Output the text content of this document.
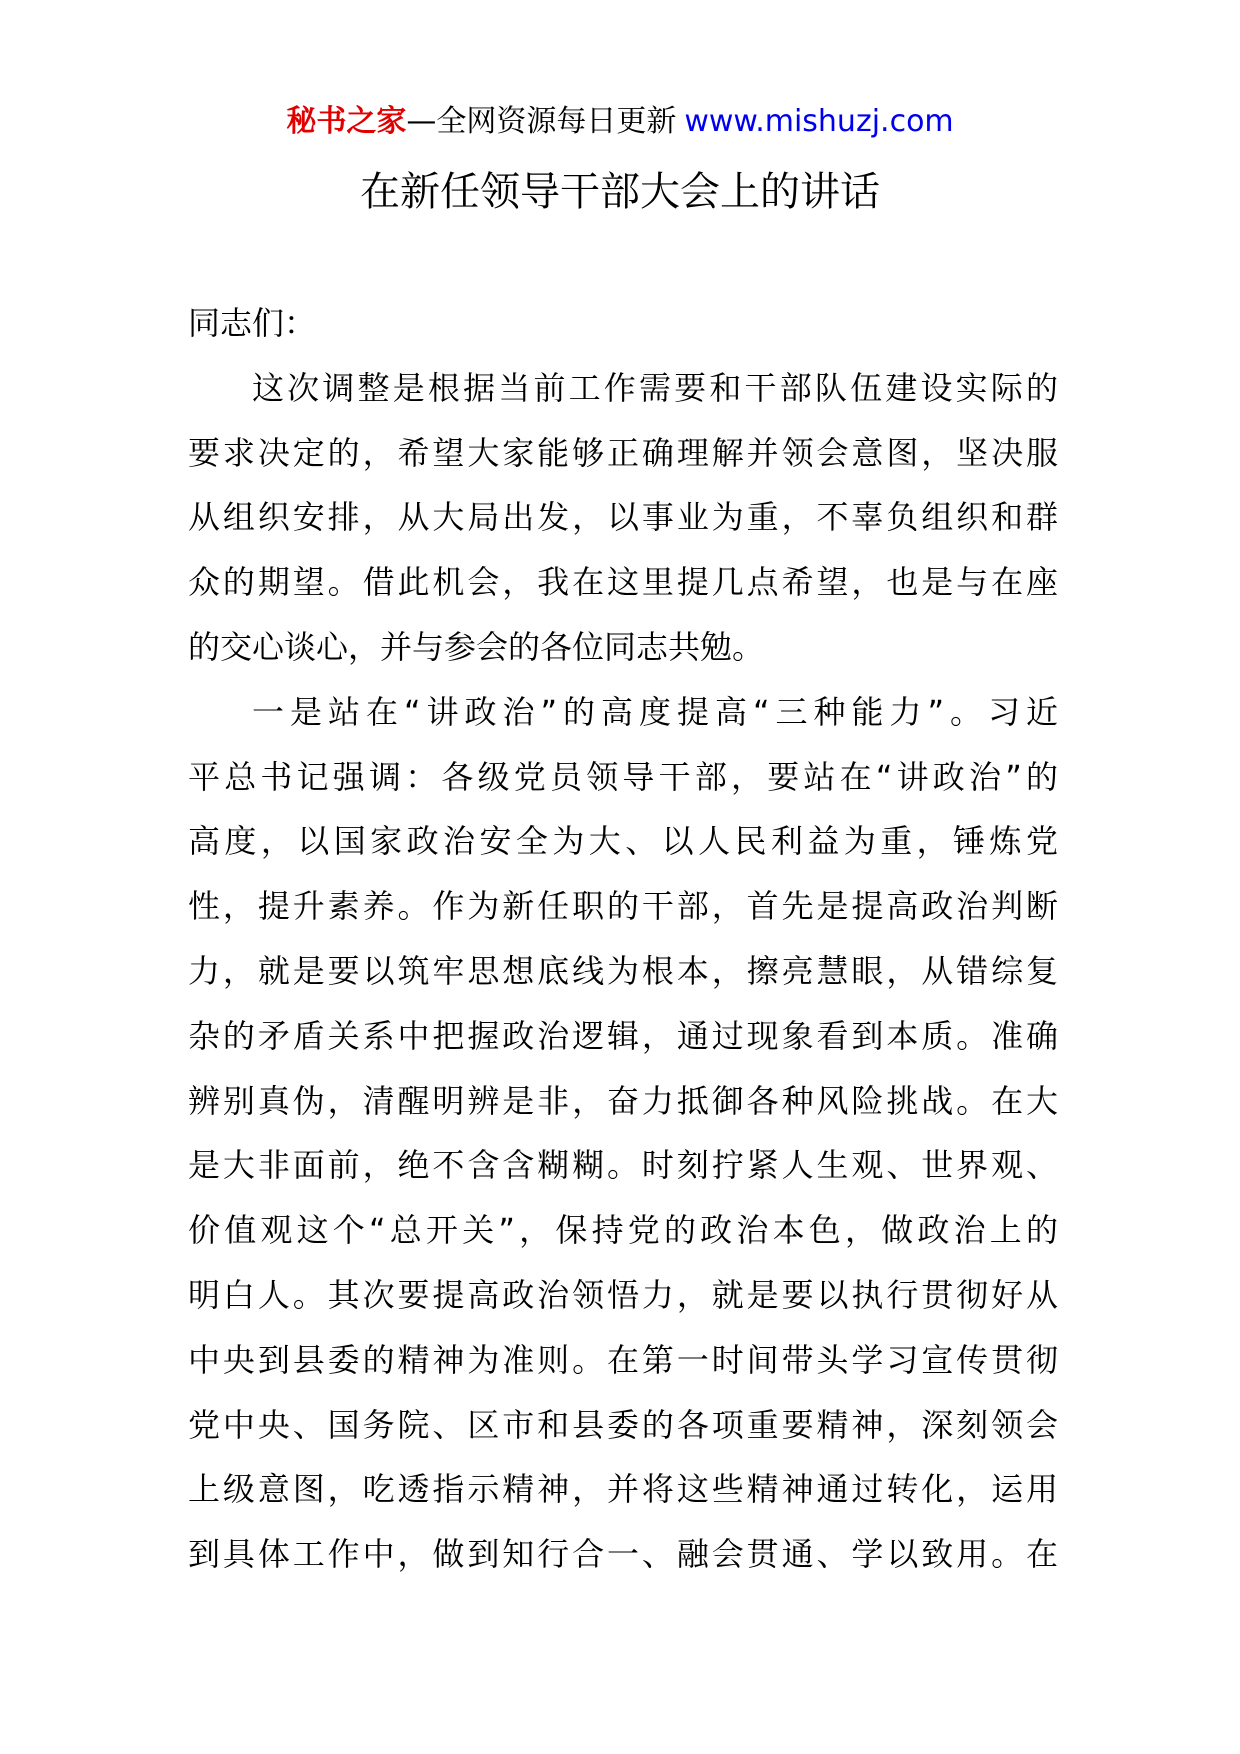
秘书之家—全网资源每日更新 www.mishuzj.com
在新任领导干部大会上的讲话
同志们：
这次调整是根据当前工作需要和干部队伍建设实际的
要求决定的，希望大家能够正确理解并领会意图，坚决服
从组织安排，从大局出发，以事业为重，不辜负组织和群
众的期望。借此机会，我在这里提几点希望，也是与在座
的交心谈心，并与参会的各位同志共勉。
一是站在“讲政治”的高度提高“三种能力”。习近
平总书记强调：各级党员领导干部，要站在“讲政治”的
高度，以国家政治安全为大、以人民利益为重，锤炼党
性，提升素养。作为新任职的干部，首先是提高政治判断
力，就是要以筑牢思想底线为根本，擦亮慧眼，从错综复
杂的矛盾关系中把握政治逻辑，通过现象看到本质。准确
辨别真伪，清醒明辨是非，奋力抵御各种风险挑战。在大
是大非面前，绝不含含糊糊。时刻拧紧人生观、世界观、
价值观这个“总开关”，保持党的政治本色，做政治上的
明白人。其次要提高政治领悟力，就是要以执行贯彻好从
中央到县委的精神为准则。在第一时间带头学习宣传贯彻
党中央、国务院、区市和县委的各项重要精神，深刻领会
上级意图，吃透指示精神，并将这些精神通过转化，运用
到具体工作中，做到知行合一、融会贯通、学以致用。在
